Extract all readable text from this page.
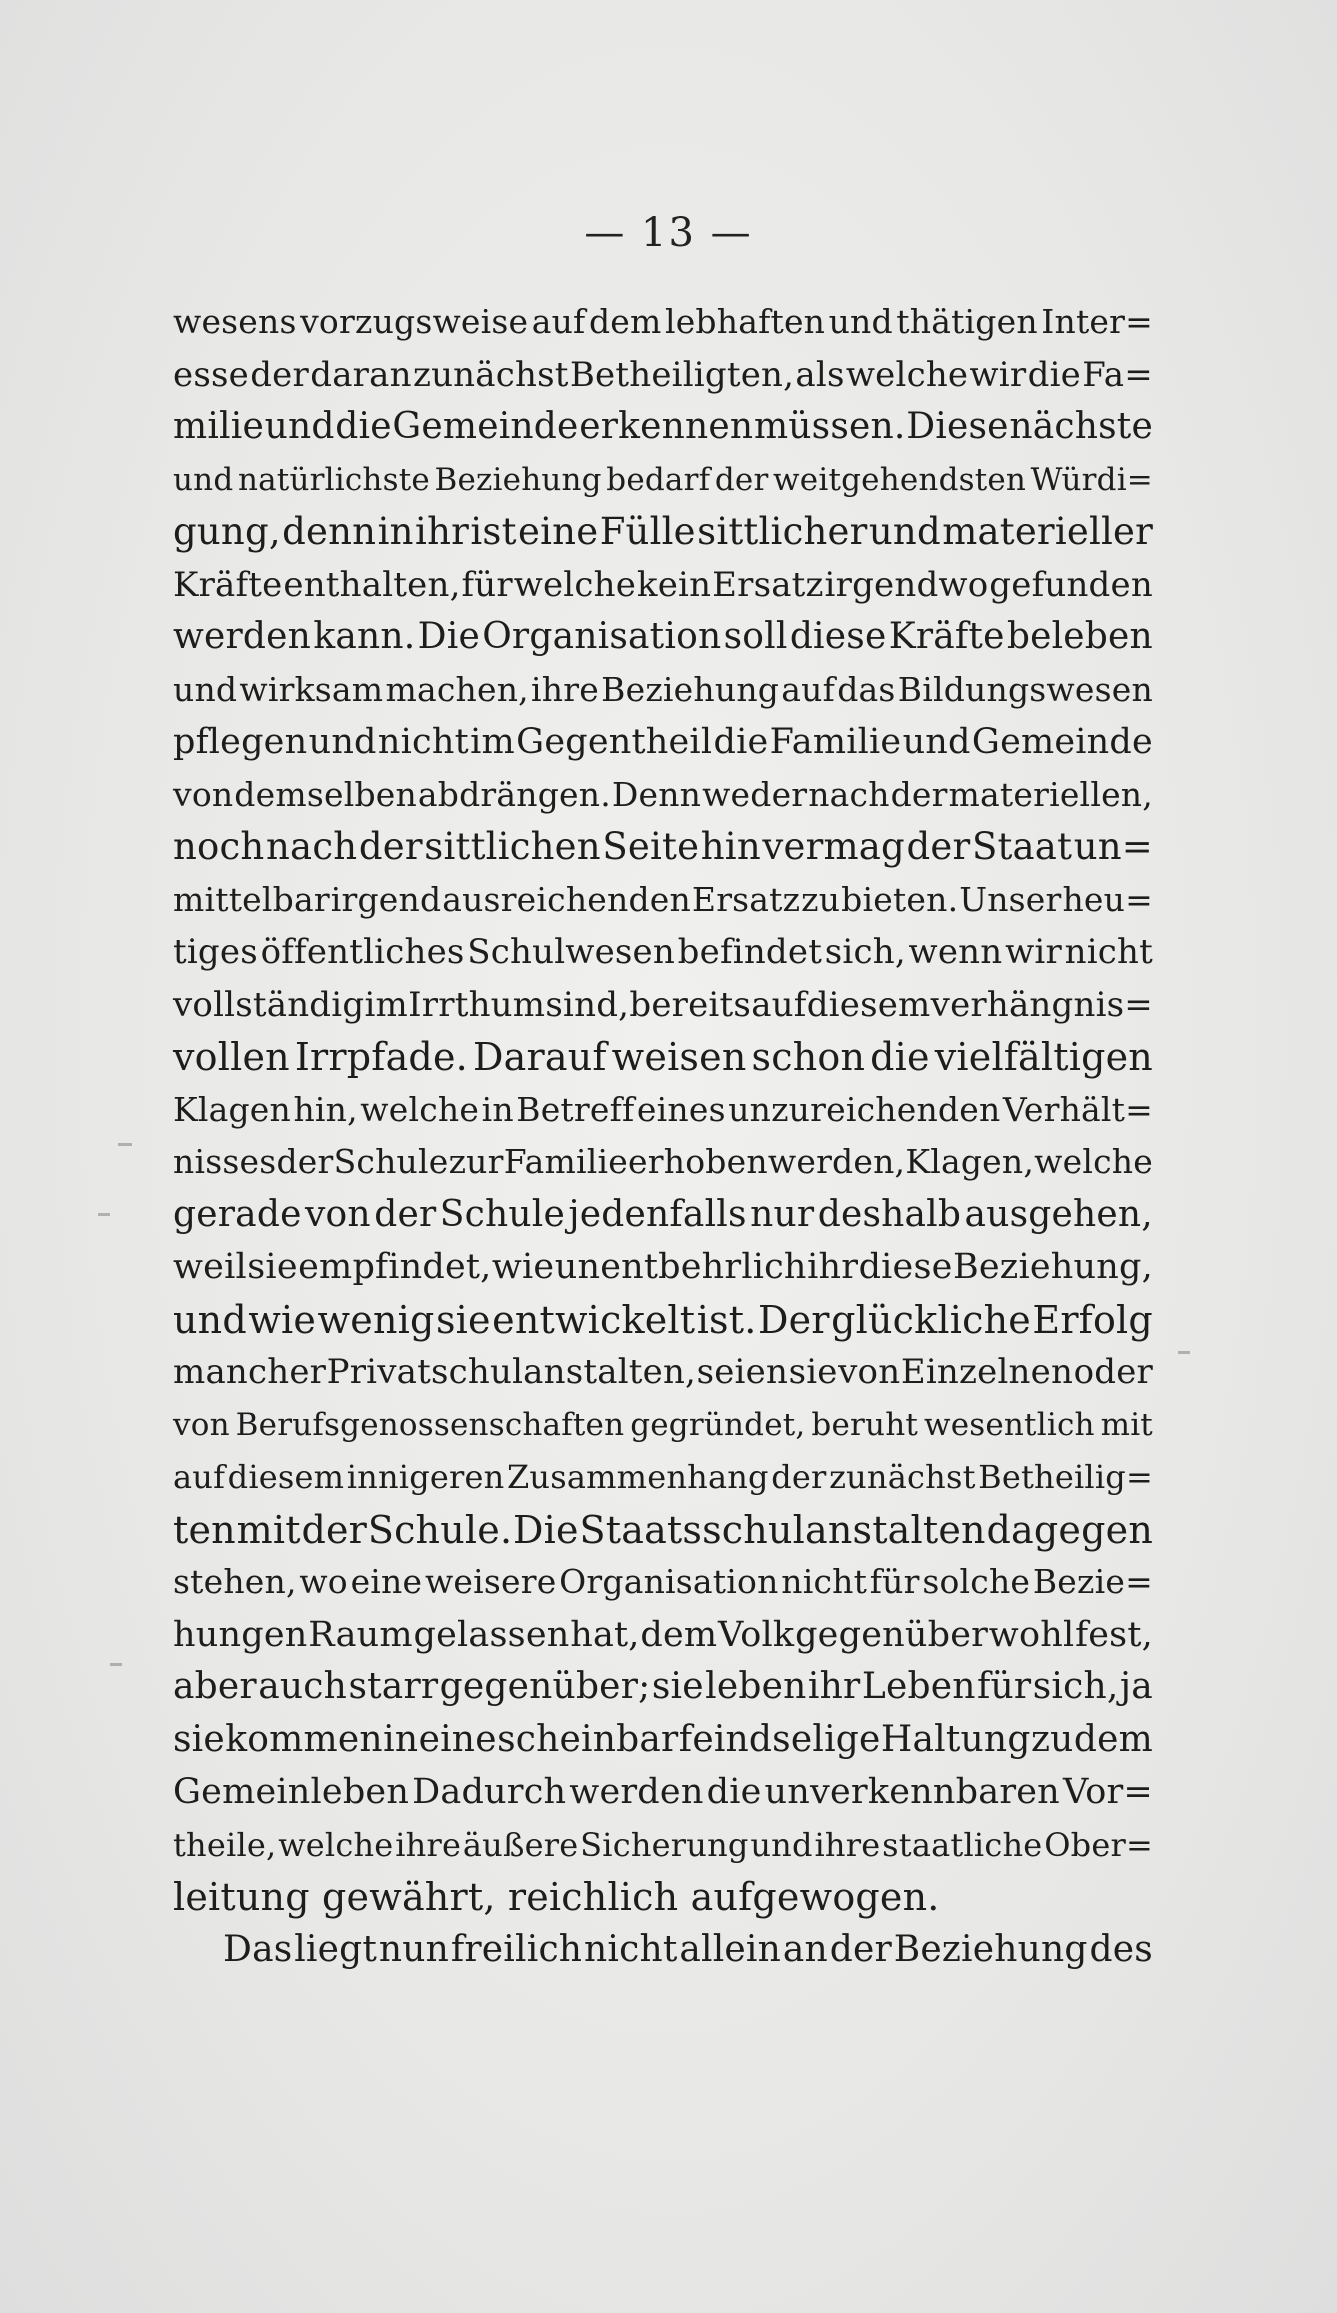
— 13 —
wesens vorzugsweise auf dem lebhaften und thätigen Inter=
esse der daran zunächst Betheiligten, als welche wir die Fa=
milie und die Gemeinde erkennen müssen. Diese nächste
und natürlichste Beziehung bedarf der weitgehendsten Würdi=
gung, denn in ihr ist eine Fülle sittlicher und materieller
Kräfte enthalten, für welche kein Ersatz irgendwo gefunden
werden kann. Die Organisation soll diese Kräfte beleben
und wirksam machen, ihre Beziehung auf das Bildungswesen
pflegen und nicht im Gegentheil die Familie und Gemeinde
von demselben abdrängen. Denn weder nach der materiellen,
noch nach der sittlichen Seite hin vermag der Staat un=
mittelbar irgend ausreichenden Ersatz zu bieten. Unser heu=
tiges öffentliches Schulwesen befindet sich, wenn wir nicht
vollständig im Irrthum sind, bereits auf diesem verhängnis=
vollen Irrpfade. Darauf weisen schon die vielfältigen
Klagen hin, welche in Betreff eines unzureichenden Verhält=
nisses der Schule zur Familie erhoben werden, Klagen, welche
gerade von der Schule jedenfalls nur deshalb ausgehen,
weil sie empfindet, wie unentbehrlich ihr diese Beziehung,
und wie wenig sie entwickelt ist. Der glückliche Erfolg
mancher Privatschulanstalten, seien sie von Einzelnen oder
von Berufsgenossenschaften gegründet, beruht wesentlich mit
auf diesem innigeren Zusammenhang der zunächst Betheilig=
ten mit der Schule. Die Staatsschulanstalten dagegen
stehen, wo eine weisere Organisation nicht für solche Bezie=
hungen Raum gelassen hat, dem Volk gegenüber wohl fest,
aber auch starr gegenüber; sie leben ihr Leben für sich, ja
sie kommen in eine scheinbar feindselige Haltung zu dem
Gemeinleben Dadurch werden die unverkennbaren Vor=
theile, welche ihre äußere Sicherung und ihre staatliche Ober=
leitung gewährt, reichlich aufgewogen.
Das liegt nun freilich nicht allein an der Beziehung des
